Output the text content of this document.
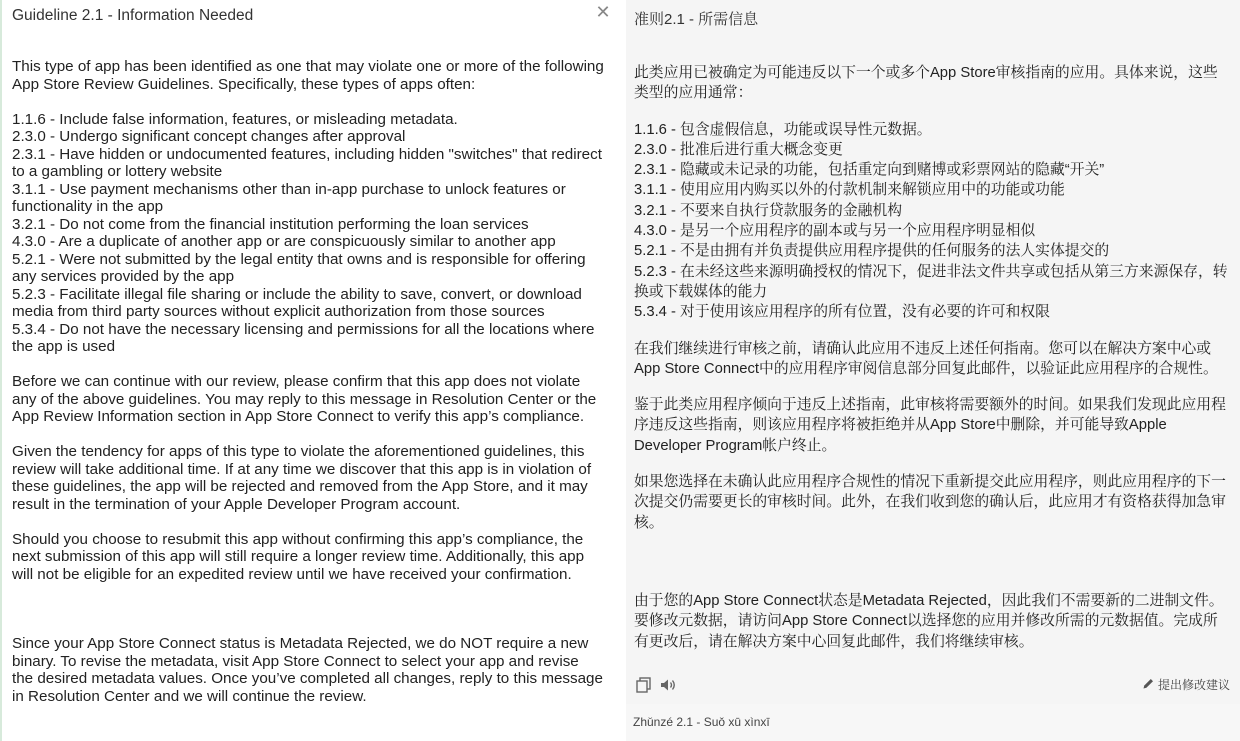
Guideline 2.1 - Information Needed	✕

This type of app has been identified as one that may violate one or more of the following App Store Review Guidelines. Specifically, these types of apps often:

1.1.6 - Include false information, features, or misleading metadata.

2.3.0 - Undergo significant concept changes after approval

2.3.1 - Have hidden or undocumented features, including hidden "switches" that redirect to a gambling or lottery website

3.1.1 - Use payment mechanisms other than in-app purchase to unlock features or functionality in the app

3.2.1 - Do not come from the financial institution performing the loan services

4.3.0 - Are a duplicate of another app or are conspicuously similar to another app

5.2.1 - Were not submitted by the legal entity that owns and is responsible for offering any services provided by the app

5.2.3 - Facilitate illegal file sharing or include the ability to save, convert, or download media from third party sources without explicit authorization from those sources

5.3.4 - Do not have the necessary licensing and permissions for all the locations where the app is used

Before we can continue with our review, please confirm that this app does not violate any of the above guidelines. You may reply to this message in Resolution Center or the App Review Information section in App Store Connect to verify this app’s compliance.

Given the tendency for apps of this type to violate the aforementioned guidelines, this review will take additional time. If at any time we discover that this app is in violation of these guidelines, the app will be rejected and removed from the App Store, and it may result in the termination of your Apple Developer Program account.

Should you choose to resubmit this app without confirming this app’s compliance, the next submission of this app will still require a longer review time. Additionally, this app will not be eligible for an expedited review until we have received your confirmation.

Since your App Store Connect status is Metadata Rejected, we do NOT require a new binary. To revise the metadata, visit App Store Connect to select your app and revise the desired metadata values. Once you’ve completed all changes, reply to this message in Resolution Center and we will continue the review.

准则2.1 - 所需信息

此类应用已被确定为可能违反以下一个或多个App Store审核指南的应用。具体来说，这些类型的应用通常：

1.1.6 - 包含虚假信息，功能或误导性元数据。

2.3.0 - 批准后进行重大概念变更

2.3.1 - 隐藏或未记录的功能，包括重定向到赌博或彩票网站的隐藏“开关”

3.1.1 - 使用应用内购买以外的付款机制来解锁应用中的功能或功能

3.2.1 - 不要来自执行贷款服务的金融机构

4.3.0 - 是另一个应用程序的副本或与另一个应用程序明显相似

5.2.1 - 不是由拥有并负责提供应用程序提供的任何服务的法人实体提交的

5.2.3 - 在未经这些来源明确授权的情况下，促进非法文件共享或包括从第三方来源保存，转换或下载媒体的能力

5.3.4 - 对于使用该应用程序的所有位置，没有必要的许可和权限

在我们继续进行审核之前，请确认此应用不违反上述任何指南。您可以在解决方案中心或App Store Connect中的应用程序审阅信息部分回复此邮件，以验证此应用程序的合规性。

鉴于此类应用程序倾向于违反上述指南，此审核将需要额外的时间。如果我们发现此应用程序违反这些指南，则该应用程序将被拒绝并从App Store中删除，并可能导致Apple Developer Program帐户终止。

如果您选择在未确认此应用程序合规性的情况下重新提交此应用程序，则此应用程序的下一次提交仍需要更长的审核时间。此外，在我们收到您的确认后，此应用才有资格获得加急审核。

由于您的App Store Connect状态是Metadata Rejected，因此我们不需要新的二进制文件。要修改元数据，请访问App Store Connect以选择您的应用并修改所需的元数据值。完成所有更改后，请在解决方案中心回复此邮件，我们将继续审核。

提出修改建议
Zhǔnzé 2.1 - Suǒ xū xìnxī
